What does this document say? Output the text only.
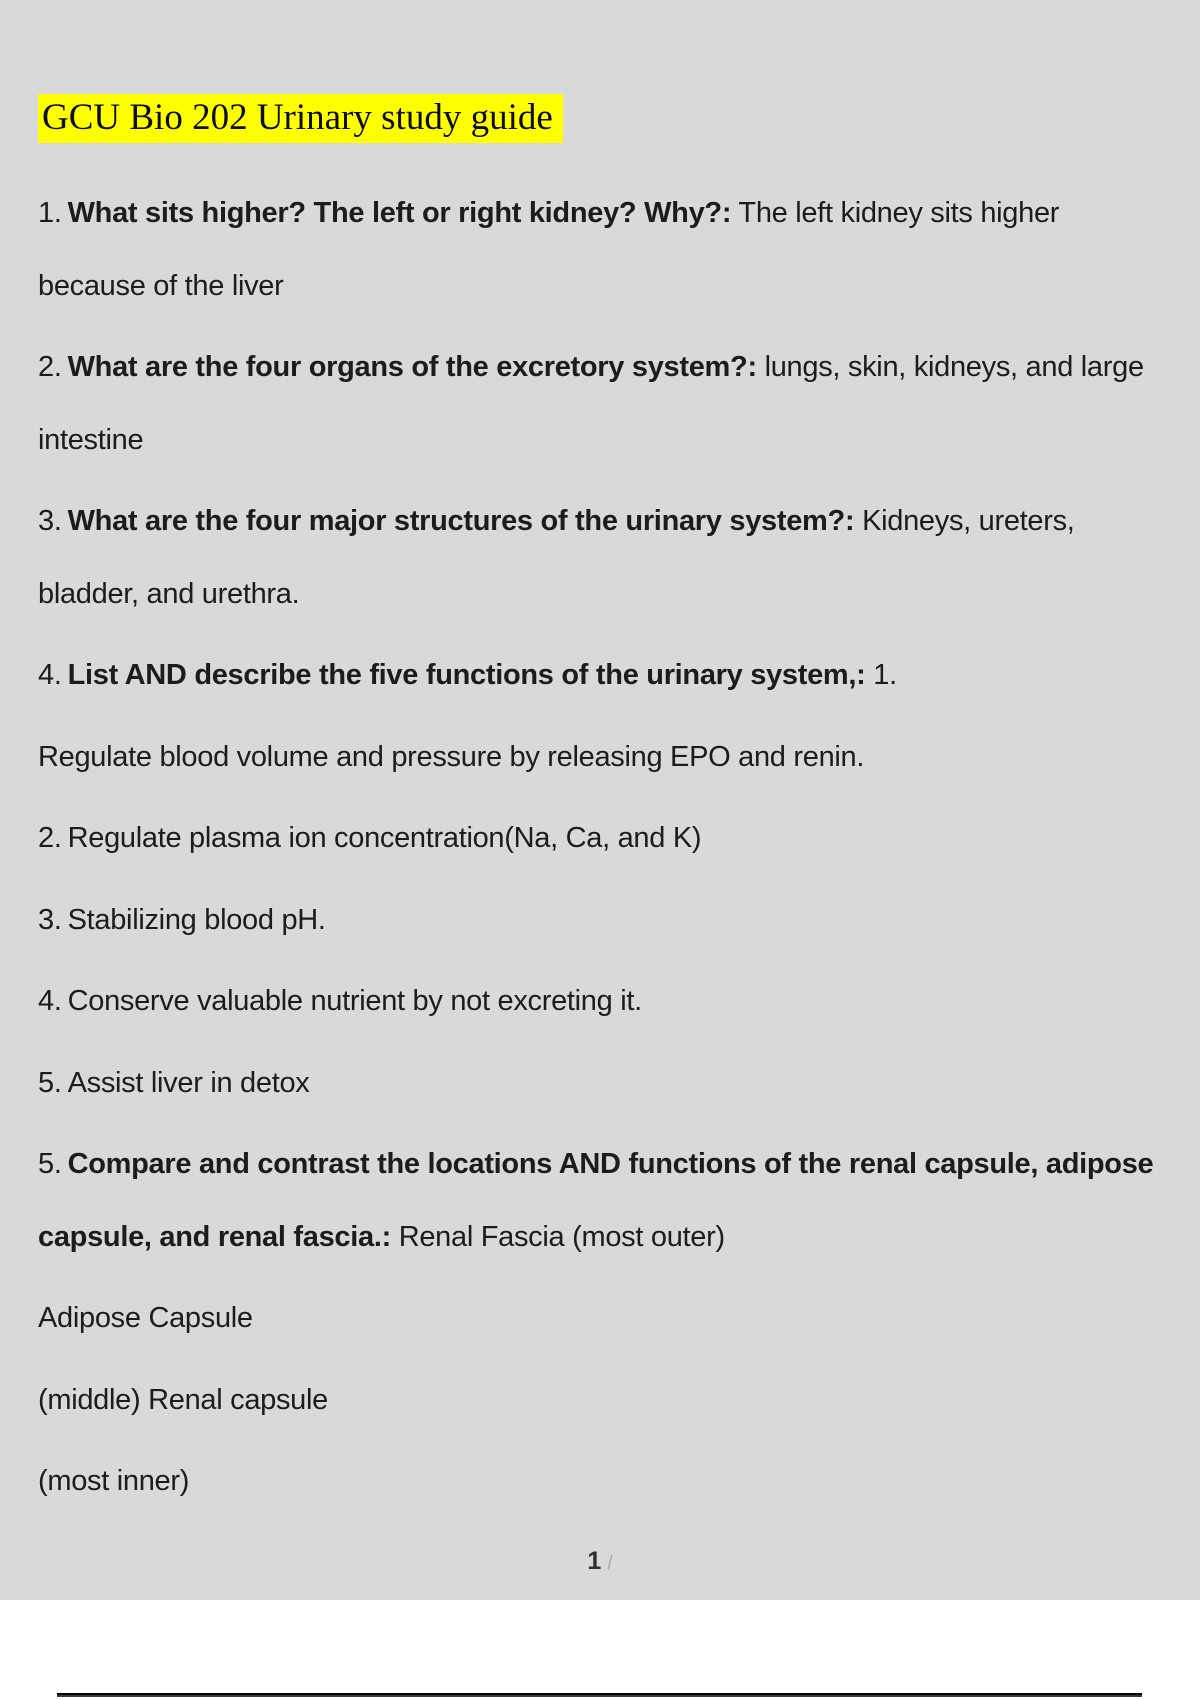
GCU Bio 202 Urinary study guide

1. What sits higher? The left or right kidney? Why?: The left kidney sits higher because of the liver

2. What are the four organs of the excretory system?: lungs, skin, kidneys, and large intestine

3. What are the four major structures of the urinary system?: Kidneys, ureters, bladder, and urethra.

4. List AND describe the five functions of the urinary system,: 1.

Regulate blood volume and pressure by releasing EPO and renin.

2. Regulate plasma ion concentration(Na, Ca, and K)

3. Stabilizing blood pH.

4. Conserve valuable nutrient by not excreting it.

5. Assist liver in detox

5. Compare and contrast the locations AND functions of the renal capsule, adipose capsule, and renal fascia.: Renal Fascia (most outer)

Adipose Capsule

(middle) Renal capsule

(most inner)

1 /
